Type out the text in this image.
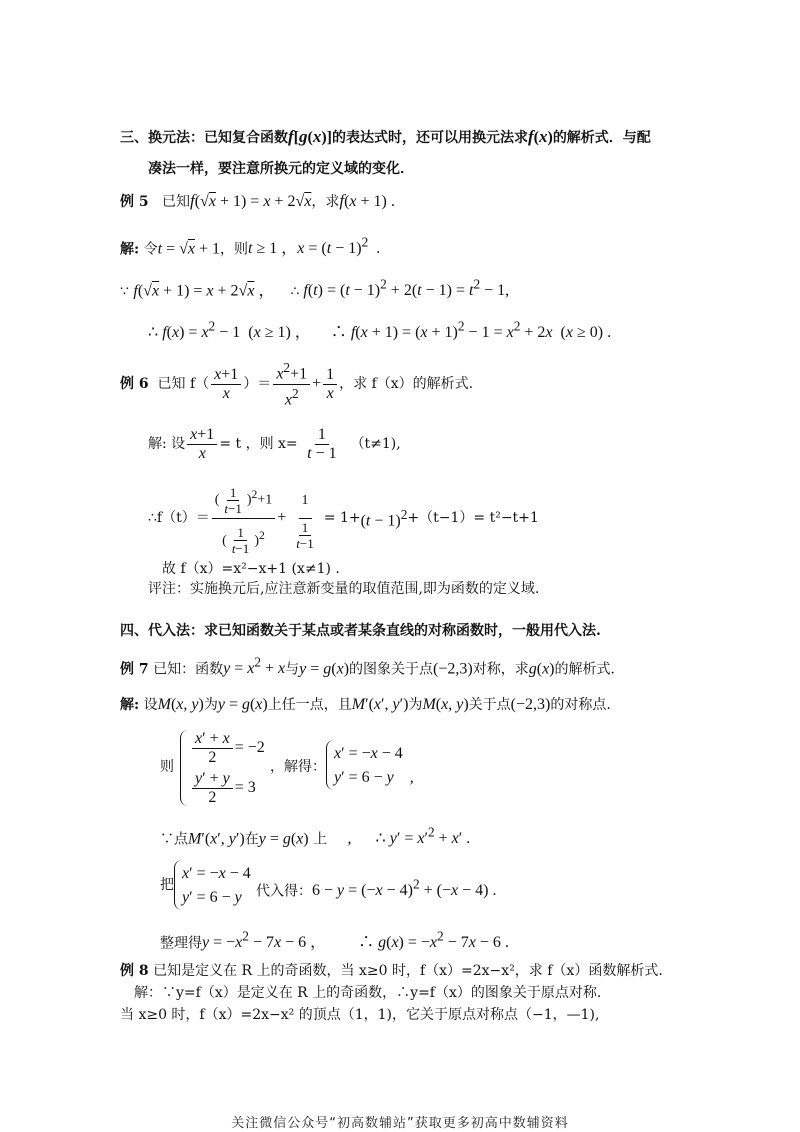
三、换元法：已知复合函数f[g(x)]的表达式时，还可以用换元法求f(x)的解析式．与配
凑法一样，要注意所换元的定义域的变化．
例 5 已知f(√x + 1) = x + 2√x，求f(x + 1) .
解: 令t = √x + 1，则t ≥ 1 ，$x = (t - 1)^2$  .
∵ f(√x + 1) = x + 2√x ，    ∴ $f(t) = (t - 1)^2 + 2(t - 1) = t^2 - 1$,
∴ $f(x) = x^2 - 1$  (x ≥ 1) ，     ∴ $f(x + 1) = (x + 1)^2 - 1 = x^2 + 2x$  (x ≥ 0) .
例 6
已知 $f( \frac{x+1}{x}$ ）＝ $\frac{x^2+1}{x^2} + \frac{1}{x}$ ，求 f（x）的解析式.
解: 设 $\frac{x+1}{x} = t$ ，则 x=
$\frac{1}{t - 1}$
（t≠1),
∴f（t）＝ $\frac{( \frac{1}{t-1} )^2+1}{( \frac{1}{t-1} )^2} + \frac{1}{\frac{1}{t-1}} = 1+ (t - 1)^2 +(t-1)= t^2-t+1$
故 f（x）=x²−x+1 (x≠1) .
评注：实施换元后,应注意新变量的取值范围,即为函数的定义域.
四、代入法：求已知函数关于某点或者某条直线的对称函数时，一般用代入法.
例 7 已知：函数$y = x^2 + x$与y = g(x)的图象关于点(−2,3)对称，求g(x)的解析式．
解: 设M(x, y)为y = g(x)上任一点，且M′(x′, y′)为M(x, y)关于点(−2,3)的对称点.
则
$\frac{x' + x}{2} = -2$
$\frac{y' + y}{2} = 3$
，解得：
x′ = −x − 4
y′ = 6 − y    ,
∵点M′(x′, y′)在y = g(x) 上     ,      ∴ $y' = x'^2 + x'$ .
把
x′ = −x − 4
y′ = 6 − y	代入得：$6 - y = (-x - 4)^2 + (-x - 4)$ .
整理得$y = -x^2 - 7x - 6$ ，        ∴ $g(x) = -x^2 - 7x - 6$ .
例 8 已知是定义在 R 上的奇函数，当 x≥0 时，f（x）=2x−x²，求 f（x）函数解析式.
解：∵y=f（x）是定义在 R 上的奇函数，∴y=f（x）的图象关于原点对称.
当 x≥0 时，f（x）=2x−x² 的顶点（1，1)，它关于原点对称点（−1，—1),
关注微信公众号“初高数辅站”获取更多初高中数辅资料
